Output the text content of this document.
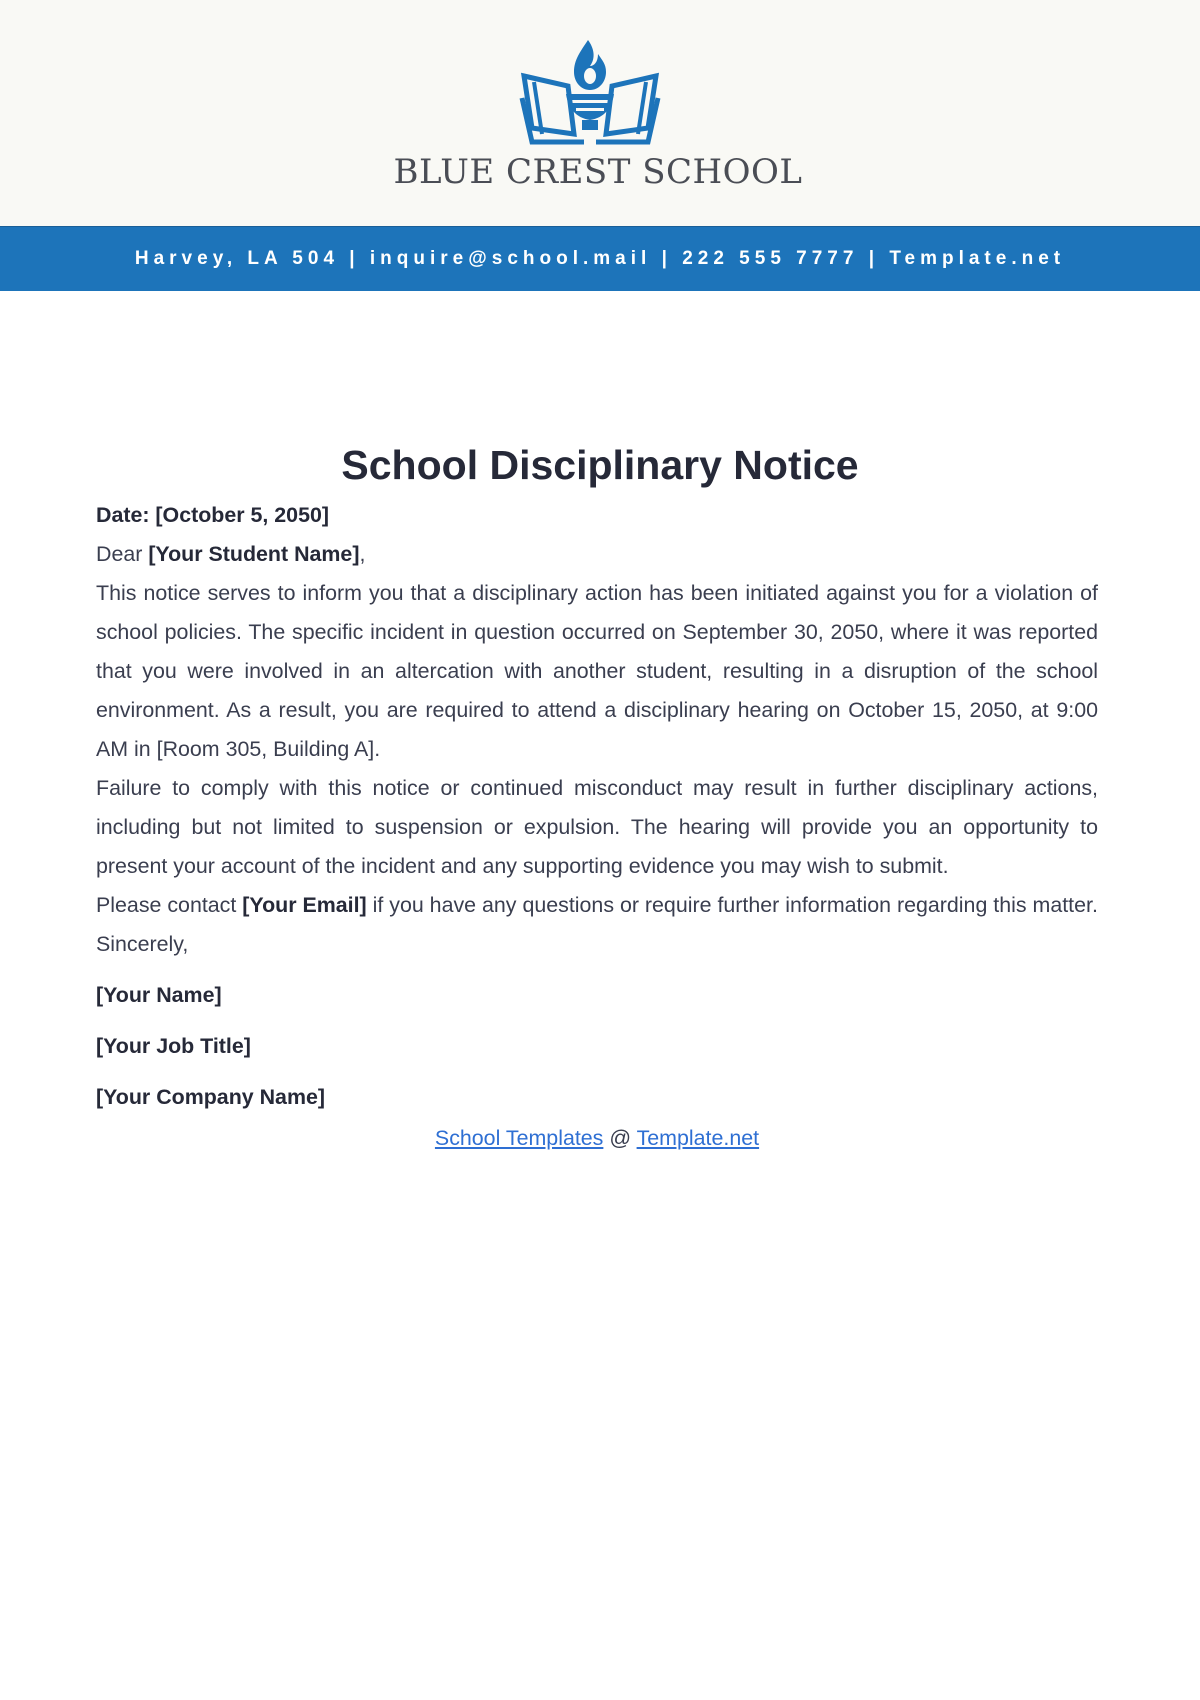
BLUE CREST SCHOOL
Harvey, LA 504 | inquire@school.mail | 222 555 7777 | Template.net
School Disciplinary Notice

Date: [October 5, 2050]

Dear [Your Student Name],

This notice serves to inform you that a disciplinary action has been initiated against you for a violation of school policies. The specific incident in question occurred on September 30, 2050, where it was reported that you were involved in an altercation with another student, resulting in a disruption of the school environment. As a result, you are required to attend a disciplinary hearing on October 15, 2050, at 9:00 AM in [Room 305, Building A].

Failure to comply with this notice or continued misconduct may result in further disciplinary actions, including but not limited to suspension or expulsion. The hearing will provide you an opportunity to present your account of the incident and any supporting evidence you may wish to submit.

Please contact [Your Email] if you have any questions or require further information regarding this matter.

Sincerely,

[Your Name]

[Your Job Title]

[Your Company Name]

School Templates @ Template.net
